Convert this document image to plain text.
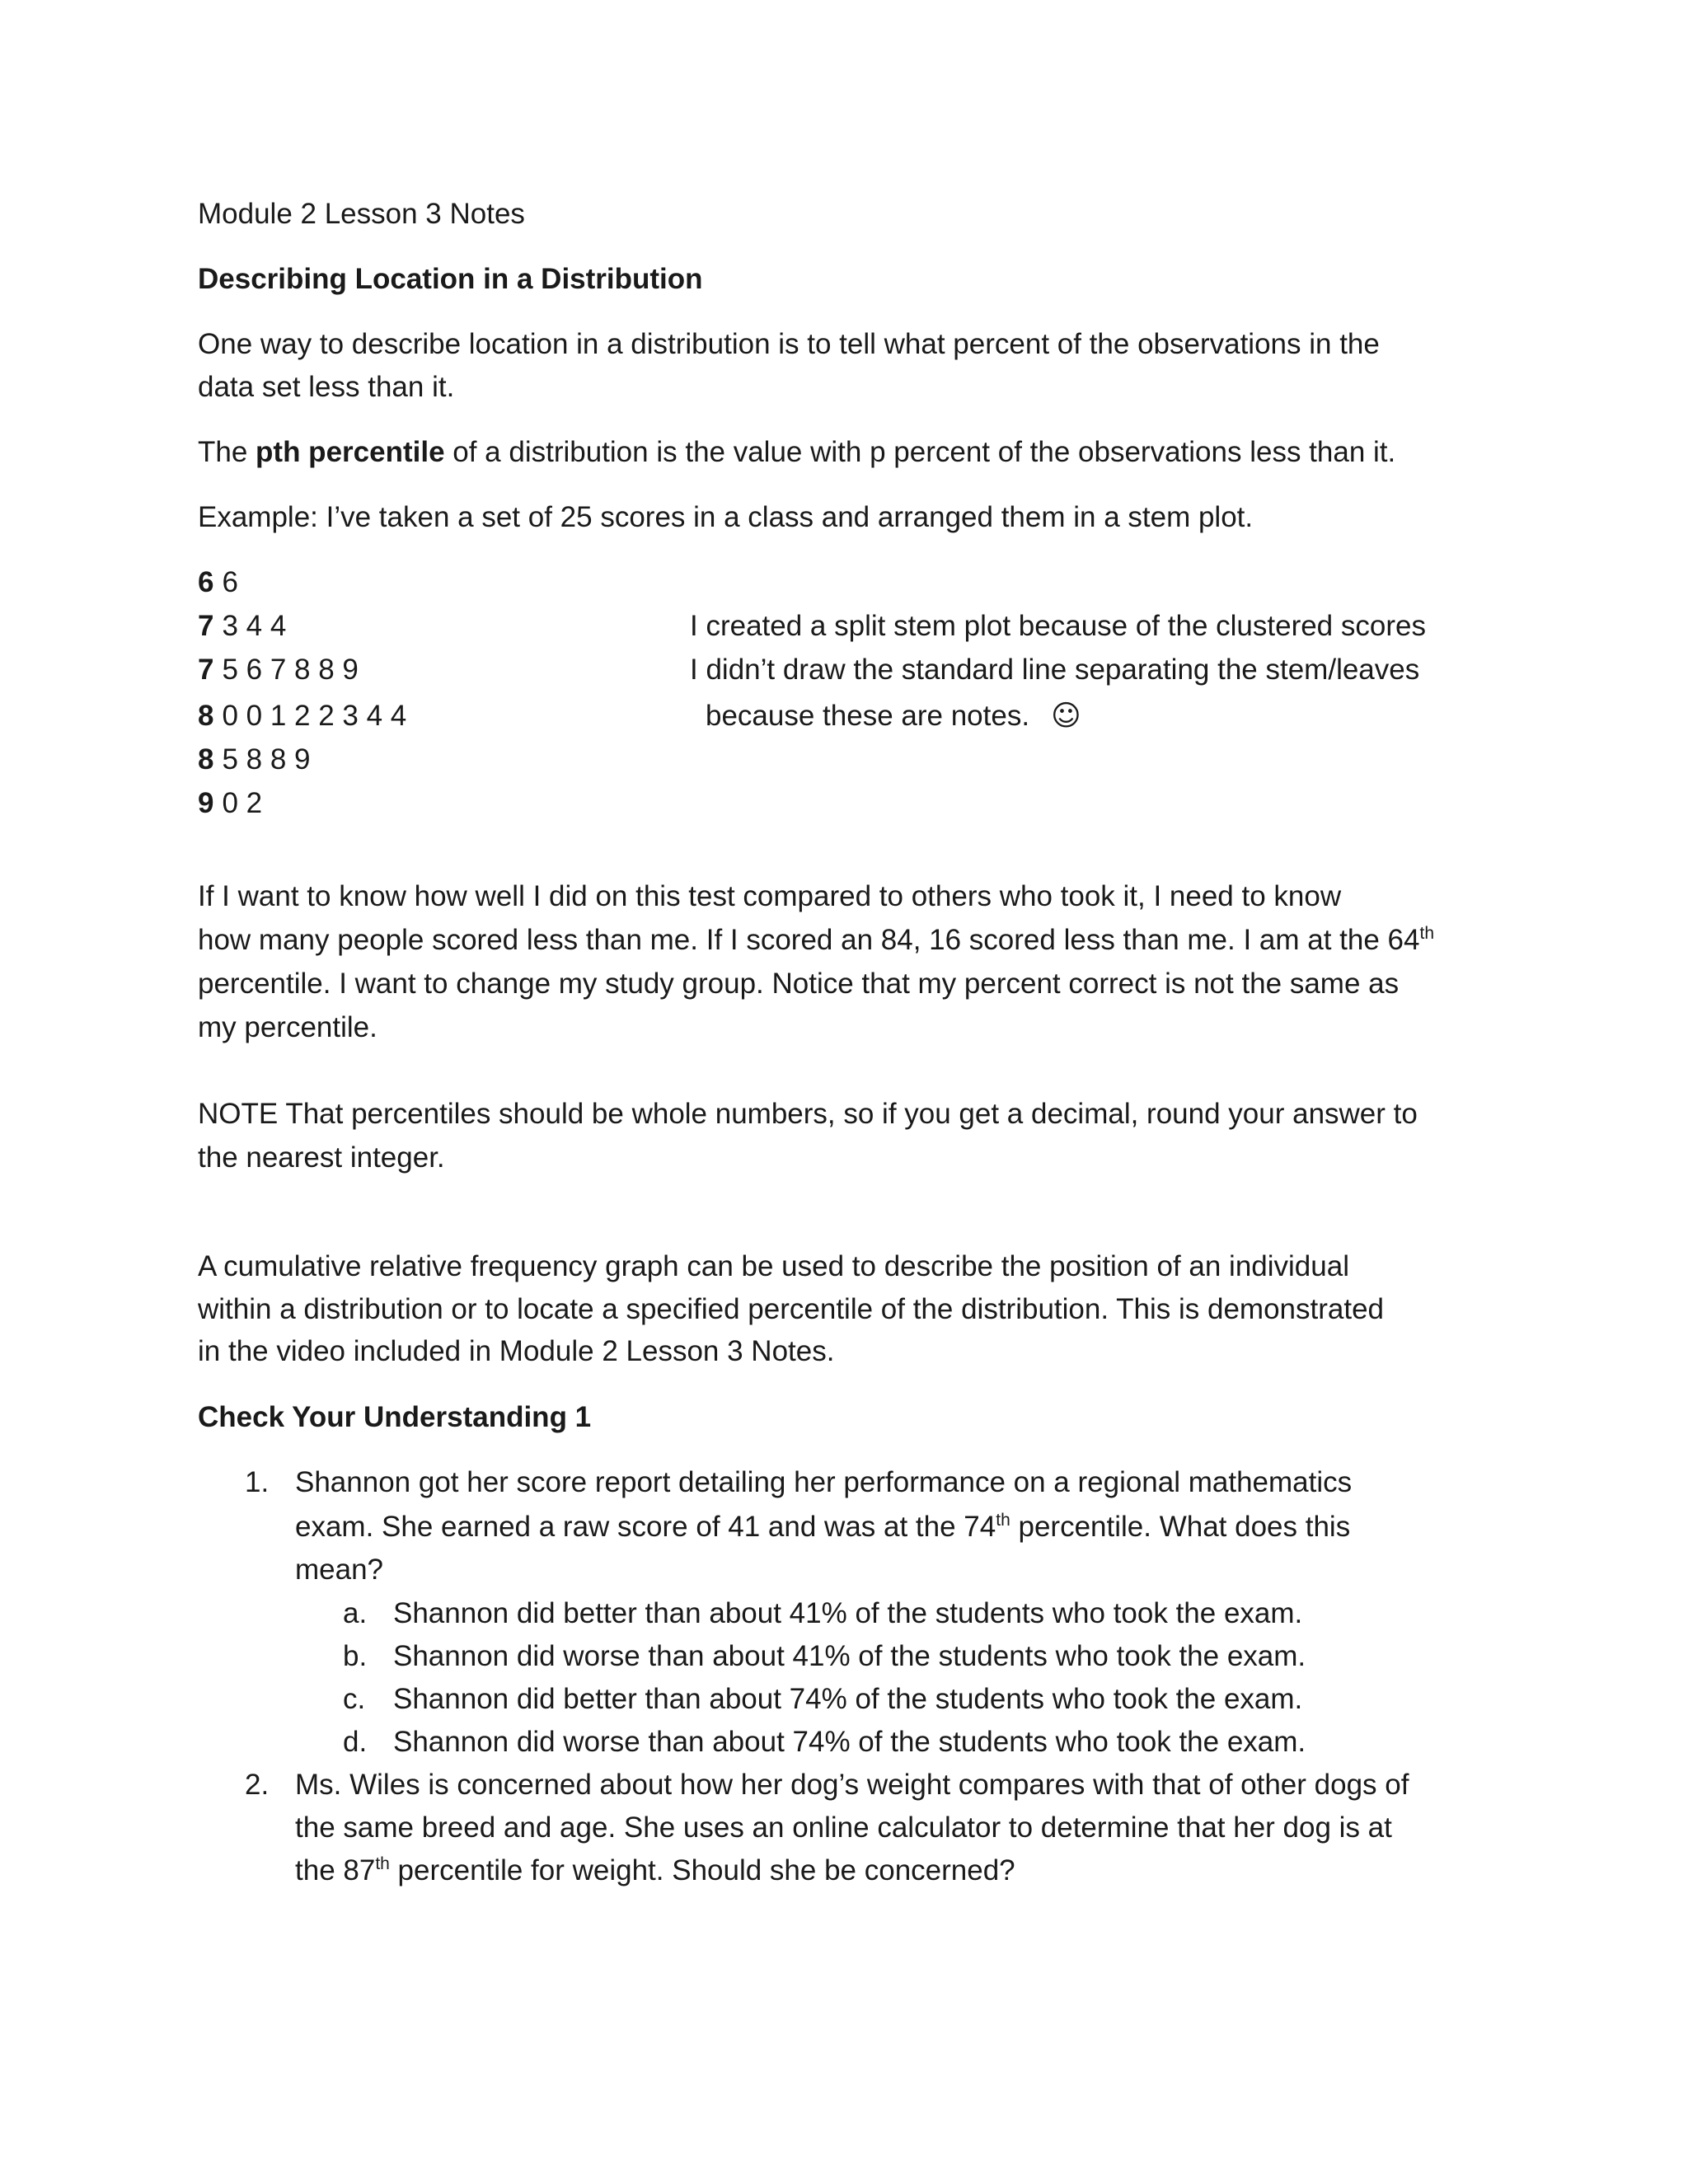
Module 2 Lesson 3 Notes
Describing Location in a Distribution
One way to describe location in a distribution is to tell what percent of the observations in the
data set less than it.
The pth percentile of a distribution is the value with p percent of the observations less than it.
Example: I’ve taken a set of 25 scores in a class and arranged them in a stem plot.
6 6
7 3 4 4
7 5 6 7 8 8 9
8 0 0 1 2 2 3 4 4
8 5 8 8 9
9 0 2
I created a split stem plot because of the clustered scores
I didn’t draw the standard line separating the stem/leaves
because these are notes. ☺
If I want to know how well I did on this test compared to others who took it, I need to know
how many people scored less than me. If I scored an 84, 16 scored less than me. I am at the 64th
percentile. I want to change my study group. Notice that my percent correct is not the same as
my percentile.
NOTE That percentiles should be whole numbers, so if you get a decimal, round your answer to
the nearest integer.
A cumulative relative frequency graph can be used to describe the position of an individual
within a distribution or to locate a specified percentile of the distribution. This is demonstrated
in the video included in Module 2 Lesson 3 Notes.
Check Your Understanding 1
1. Shannon got her score report detailing her performance on a regional mathematics
exam. She earned a raw score of 41 and was at the 74th percentile. What does this
mean?
a. Shannon did better than about 41% of the students who took the exam.
b. Shannon did worse than about 41% of the students who took the exam.
c. Shannon did better than about 74% of the students who took the exam.
d. Shannon did worse than about 74% of the students who took the exam.
2. Ms. Wiles is concerned about how her dog’s weight compares with that of other dogs of
the same breed and age. She uses an online calculator to determine that her dog is at
the 87th percentile for weight. Should she be concerned?
